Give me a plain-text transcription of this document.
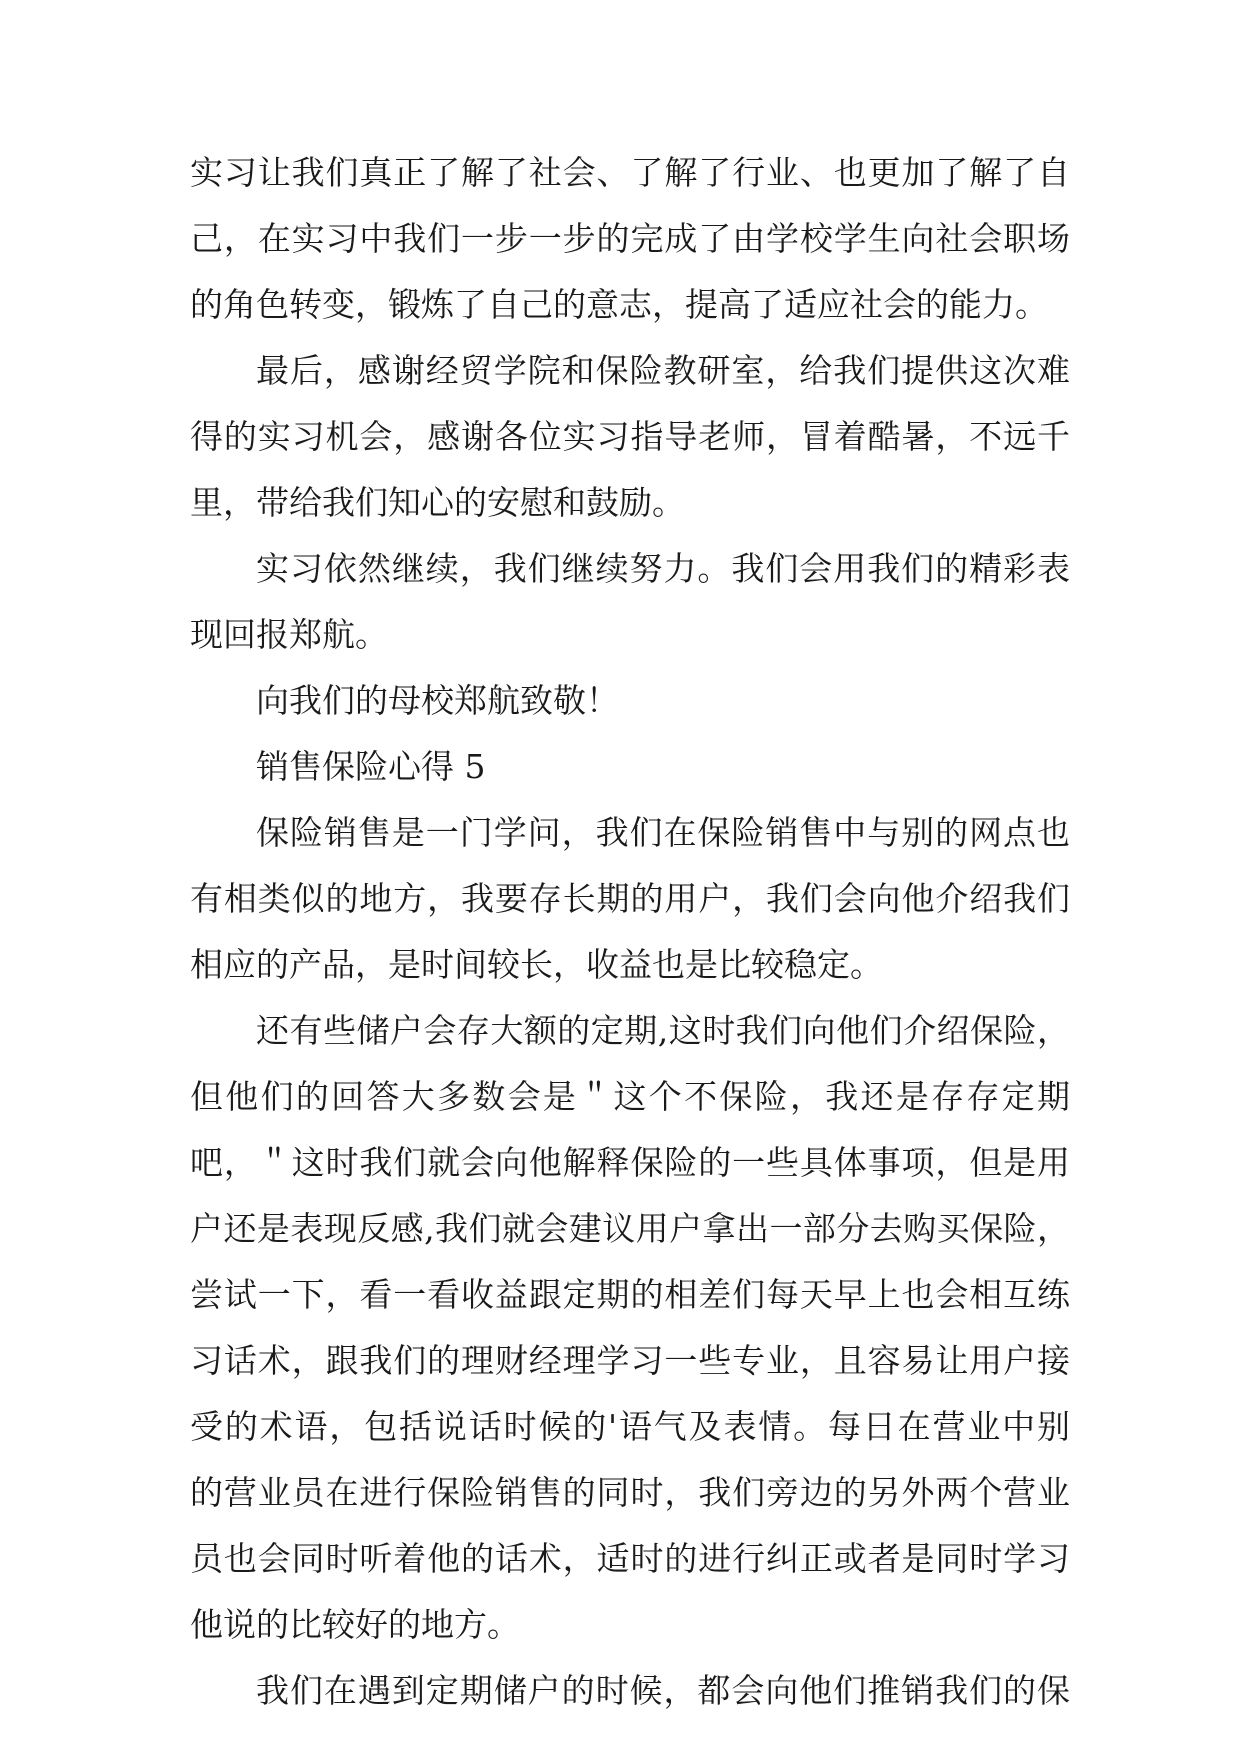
实习让我们真正了解了社会、了解了行业、也更加了解了自
己，在实习中我们一步一步的完成了由学校学生向社会职场
的角色转变，锻炼了自己的意志，提高了适应社会的能力。
最后，感谢经贸学院和保险教研室，给我们提供这次难
得的实习机会，感谢各位实习指导老师，冒着酷暑，不远千
里，带给我们知心的安慰和鼓励。
实习依然继续，我们继续努力。我们会用我们的精彩表
现回报郑航。
向我们的母校郑航致敬！
销售保险心得 5
保险销售是一门学问，我们在保险销售中与别的网点也
有相类似的地方，我要存长期的用户，我们会向他介绍我们
相应的产品，是时间较长，收益也是比较稳定。
还有些储户会存大额的定期,这时我们向他们介绍保险，
但他们的回答大多数会是＂这个不保险，我还是存存定期
吧，＂这时我们就会向他解释保险的一些具体事项，但是用
户还是表现反感,我们就会建议用户拿出一部分去购买保险，
尝试一下，看一看收益跟定期的相差们每天早上也会相互练
习话术，跟我们的理财经理学习一些专业，且容易让用户接
受的术语，包括说话时候的'语气及表情。每日在营业中别
的营业员在进行保险销售的同时，我们旁边的另外两个营业
员也会同时听着他的话术，适时的进行纠正或者是同时学习
他说的比较好的地方。
我们在遇到定期储户的时候，都会向他们推销我们的保
